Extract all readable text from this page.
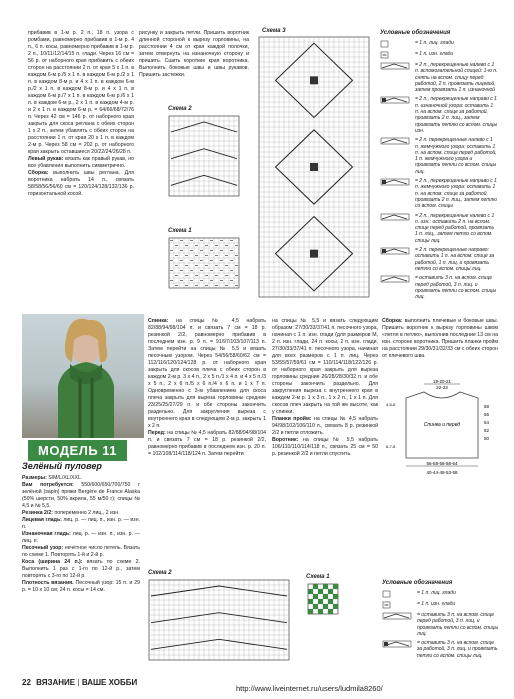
прибавив в 1-м р. 2 п., 18 п. узора с ромбами, равномерно прибавив в 1-м р. 4 п., 6 п. косы, равномерно прибавив в 1-м р. 2 п., 10/11/12/14/15 п. глади. Через 16 см = 56 р. от наборного края прибавить с обеих сторон на расстоянии 2 п. от края 5 х 1 п. в каждом 6-м р./5 х 1 п. в каждом 6-м р./2 х 1 п. в каждом 8-м р. и 4 х 1 п. в каждом 6-м р./2 х 1 п. в каждом 8-м р. и 4 х 1 п. в каждом 6-м р./7 х 1 п. в каждом 6-м р./6 х 1 п. в каждом 6-м р., 2 х 1 п. в каждом 4-м р. и 2 х 1 п. в каждом 6-м р. = 64/66/68/72/76 п. Через 42 см = 146 р. от наборного края закрыть для скоса реглана с обеих сторон 1 х 2 п., затем убавлять с обеих сторон на расстоянии 1 п. от края 20 х 1 п. в каждом 2-м р. Через 58 см = 202 р. от наборного края закрыть оставшиеся 20/22/24/26/28 п.

Левый рукав: вязать как правый рукав, но все убавления выполнить симметрично.

Сборка: выполнить швы реглана. Для воротника набрать 14 п., связать 58/58/56/56/60 см = 120/124/128/132/136 р. горизонтальной косой.

рисунку и закрыть петли. Пришить воротник длинной стороной к вырезу горловины, на расстоянии 4 см от края каждой полочки, затем отвернуть на изнаночную сторону и пришить. Сшить короткие края воротника. Выполнить боковые швы и швы рукавов. Пришить застежки.

Схема 2
Схема 1
Схема 3	Условные обозначения
= 1 п. лиц. глади
= 1 п. изн. глади
= 2 п., перекрещенные налево с 1 п. вспомогательной спицей: 1-ю п. снять на вспом. спицу перед работой, 2 п. провязать лицевой, затем провязать 1 п. изнаночной
= 2 п., перекрещенные направо с 1 п. изнаночной узора: оставить 1 п. на вспом. спице за работой, провязать 2 п. лиц., затем провязать петлю со вспом. спицы изн.
= 2 п. перекрещенные налево с 1 п. жемчужного узора: оставить 1 п. на вспом. спице перед работой, 1 п. жемчужного узора и провязать петли со вспом. спицы лиц.
= 2 п., перекрещенные направо с 1 п. жемчужного узора: оставить 1 п. на вспом. спице за работой, провязать 2 п. лиц., затем петлю со вспом. спицы
= 2 п., перекрещенные налево с 1 п. изн.: оставить 2 п. на вспом. спице перед работой, провязать 1 п. лиц., затем петли со вспом. спицы лиц.
= 2 п. перекрещенные направо: оставить 1 п. на вспом. спице за работой, 1 п. лиц. и провязать петлю со вспом. спицы лиц.
= оставить 3 п. на вспом. спице перед работой, 3 п. лиц. и провязать петли со вспом. спицы лиц.
МОДЕЛЬ 11
Зелёный пуловер

Размеры: S/M/L/XL/XXL.

Вам потребуется: 550/600/650/700/750 г зелёной (sapin) пряжи Bergère de France Alaska (50% шерсти, 50% акрила, 55 м/50 г); спицы № 4,5 и № 5,5.

Резинка 2/2: попеременно 2 лиц., 2 изн.

Лицевая гладь: лиц. р. — лиц. п., изн. р. — изн. п.

Изнаночная гладь: лиц. р. — изн. п., изн. р. — лиц. п.

Песочный узор: нечётное число петель. Вязать по схеме 1. Повторять 1-й и 2-й р.

Коса (ширина 24 п.): вязать по схеме 2. Выполнить 1 раз с 1-го по 12-й р., затем повторять с 3-го по 12-й р.

Плотность вязания. Песочный узор: 15 п. и 29 р. = 10 х 10 см; 24 п. косы = 14 см.

Спинка: на спицы № 4,5 набрать 82/88/94/98/104 п. и связать 7 см = 18 р. резинкой 2/2, равномерно прибавив в последнем изн. р. 9 п. = 91/97/103/107/113 п. Затем перейти на спицы № 5,5 и вязать песочным узором. Через 54/56/58/60/62 см = 112/116/120/124/128 р. от наборного края закрыть для скосов плеча с обеих сторон в каждом 2-м р. 3 х 4 п., 2 х 5 п./1 х 4 п. и 4 х 5 п./3 х 5 п., 2 х 6 п./5 х 6 п./4 х 6 п. и 1 х 7 п. Одновременно с 3-м убавлением для скоса плеча закрыть для выреза горловины средние 23/25/25/27/29 п. и обе стороны закончить раздельно. Для закругления выреза с внутреннего края в следующем 2-м р. закрыть 1 х 2 п.

Перед: на спицы № 4,5 набрать 82/88/94/98/104 п. и связать 7 см = 18 р. резинкой 2/2, равномерно прибавив в последнем изн. р. 20 п. = 102/108/114/118/124 п. Затем перейти

на спицы № 5,5 и вязать следующим образом: 27/30/33/37/41 п. песочного узора, начиная с 1 п. изн. глади (для размеров M, 2 п. изн. глади, 24 п. косы, 2 п. изн. глади, 27/30/33/37/41 п. песочного узора, начиная для всех размеров с 1 п. лиц. Через 53/55/57/59/61 см = 110/114/118/122/126 р. от наборного края закрыть для выреза горловины средние 26/28/28/30/32 п. и обе стороны закончить раздельно. Для закругления выреза с внутреннего края в каждом 2-м р. 1 х 3 п., 1 х 2 п., 1 х 1 п. Для скосов плеч закрыть на той же высоте, как у спинки.

Планки пройм: на спицы № 4,5 набрать 94/98/102/106/110 п., связать 8 р. резинкой 2/2 и петли отложить.

Воротник: на спицы № 5,5 набрать 106/110/110/114/118 п., связать 25 см = 50 р. резинкой 2/2 и петли спустить.

Сборка: выполнить плечевые и боковые швы. Пришить воротник к вырезу горловины швом «петля в петлю», выполнив последние 13 см на изн. стороне воротника. Пришить планки пройм на расстоянии 29/30/31/32/33 см с обеих сторон от плечевого шва.

19-20-21
22-23
Спинка и перед
58
56
54
52
50
4-5-6
6-7-8
56-58-58-58-64
40-44-48-53-58
Схема 2
Схема 1
Условные обозначения
= 1 п. лиц. глади
= 1 п. изн. глади
= оставить 3 п. на вспом. спице перед работой, 3 п. лиц. и провязать петли со вспом. спицы лиц.
= оставить 3 п. на вспом. спице за работой, 3 п. лиц. и провязать петли со вспом. спицы лиц.
22 ВЯЗАНИЕ | ВАШЕ ХОББИ
http://www.liveinternet.ru/users/ludmila8260/
